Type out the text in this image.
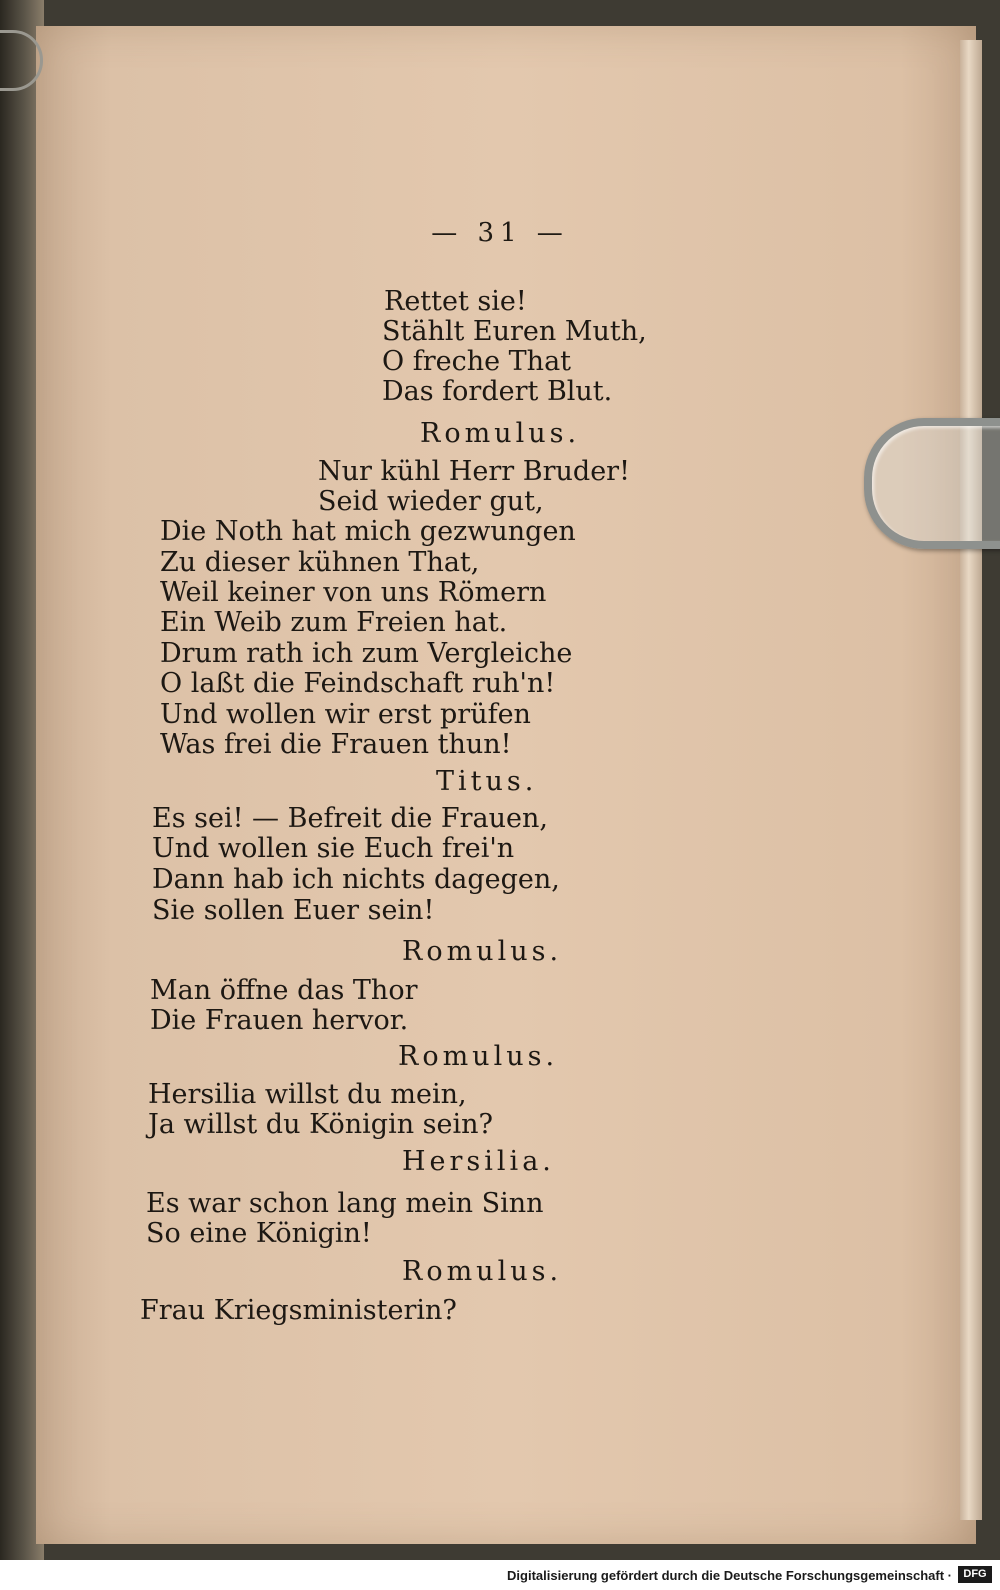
— 31 —
Rettet sie!
Stählt Euren Muth,
O freche That
Das fordert Blut.
Romulus.
Nur kühl Herr Bruder!
Seid wieder gut,
Die Noth hat mich gezwungen
Zu dieser kühnen That,
Weil keiner von uns Römern
Ein Weib zum Freien hat.
Drum rath ich zum Vergleiche
O laßt die Feindschaft ruh'n!
Und wollen wir erst prüfen
Was frei die Frauen thun!
Titus.
Es sei! — Befreit die Frauen,
Und wollen sie Euch frei'n
Dann hab ich nichts dagegen,
Sie sollen Euer sein!
Romulus.
Man öffne das Thor
Die Frauen hervor.
Romulus.
Hersilia willst du mein,
Ja willst du Königin sein?
Hersilia.
Es war schon lang mein Sinn
So eine Königin!
Romulus.
Frau Kriegsministerin?
Digitalisierung gefördert durch die Deutsche Forschungsgemeinschaft ·	DFG
